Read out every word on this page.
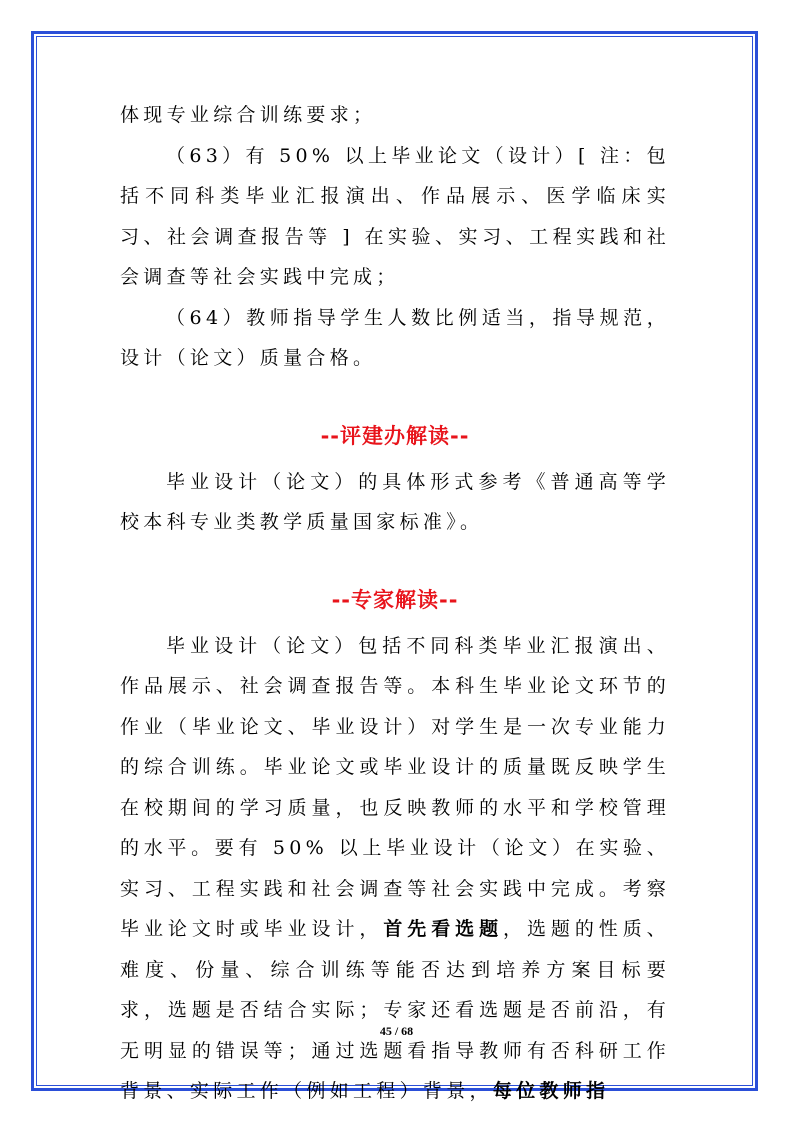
体现专业综合训练要求；

（63）有 50% 以上毕业论文（设计）[ 注：包括不同科类毕业汇报演出、作品展示、医学临床实习、社会调查报告等 ] 在实验、实习、工程实践和社会调查等社会实践中完成；

（64）教师指导学生人数比例适当，指导规范，设计（论文）质量合格。

--评建办解读--

毕业设计（论文）的具体形式参考《普通高等学校本科专业类教学质量国家标准》。

--专家解读--

毕业设计（论文）包括不同科类毕业汇报演出、作品展示、社会调查报告等。本科生毕业论文环节的作业（毕业论文、毕业设计）对学生是一次专业能力的综合训练。毕业论文或毕业设计的质量既反映学生在校期间的学习质量，也反映教师的水平和学校管理的水平。要有 50% 以上毕业设计（论文）在实验、实习、工程实践和社会调查等社会实践中完成。考察毕业论文时或毕业设计，首先看选题，选题的性质、难度、份量、综合训练等能否达到培养方案目标要求，选题是否结合实际；专家还看选题是否前沿，有无明显的错误等；通过选题看指导教师有否科研工作背景、实际工作（例如工程）背景，每位教师指

45 / 68
